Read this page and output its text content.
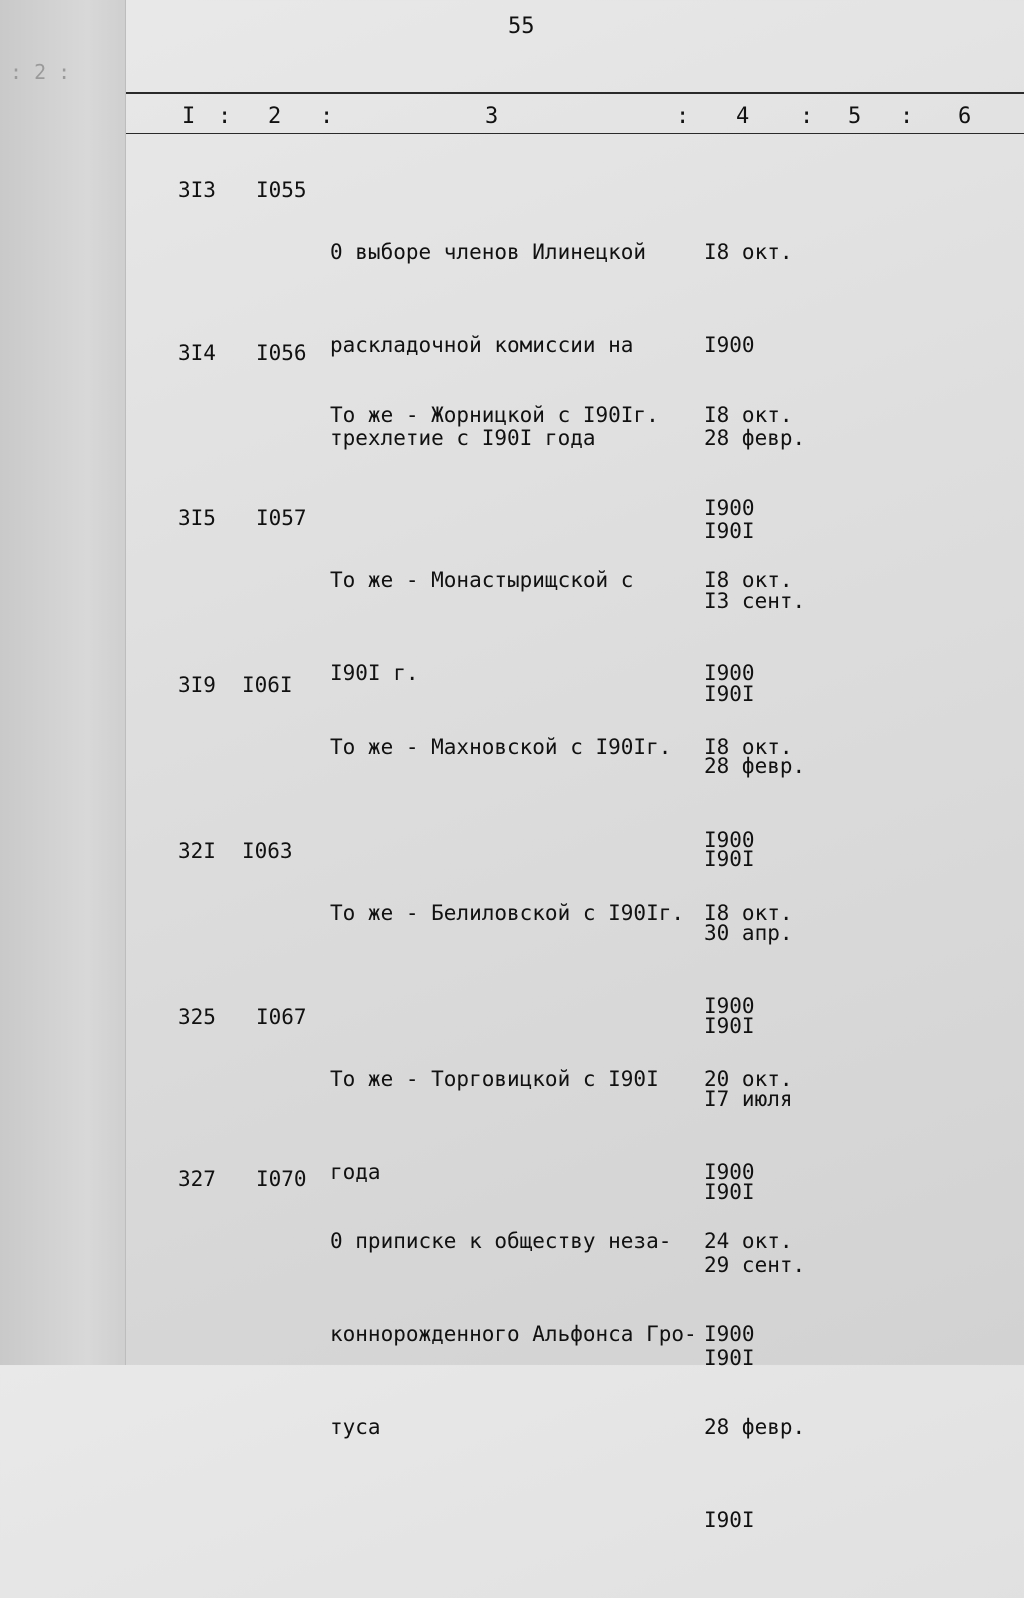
: 2 :
55
I : 2 :	3	: 4 : 5 : 6
3I3 I055

0 выборе членов Илинецкой

раскладочной комиссии на

трехлетие с I90I года

I8 окт.

I900

28 февр.

I90I

3I4 I056

То же - Жорницкой с I90Iг.

I8 окт.

I900

I3 сент.

I90I

3I5 I057

То же - Монастырищской с

I90I г.

I8 окт.

I900

28 февр.

I90I

3I9 I06I

То же - Махновской с I90Iг.

I8 окт.

I900

30 апр.

I90I

32I I063

То же - Белиловской с I90Iг.

I8 окт.

I900

I7 июля

I90I

325 I067

То же - Торговицкой с I90I

года

20 окт.

I900

29 сент.

I90I

327 I070

0 приписке к обществу неза-

коннорожденного Альфонса Гро-

туса

24 окт.

I900

28 февр.

I90I
